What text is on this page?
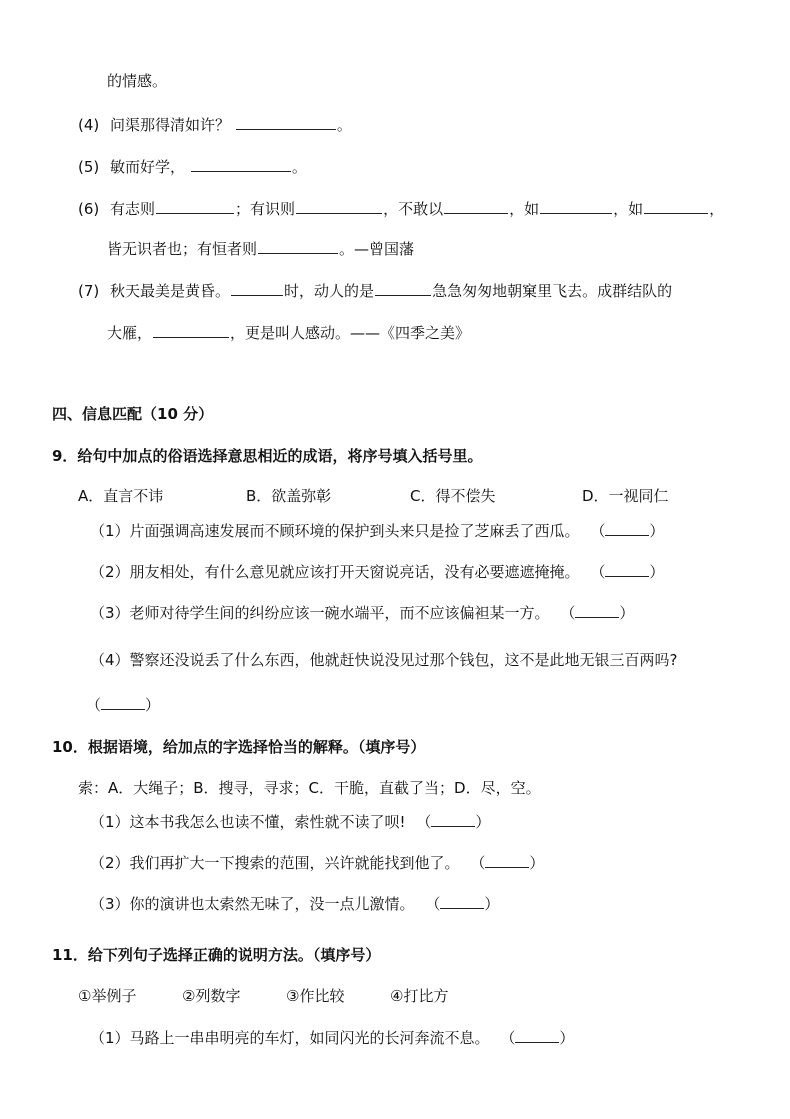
的情感。
(4) 问渠那得清如许？	。
(5) 敏而好学，	。
(6) 有志则	；有识则	，不敢以	，如	，如	，
皆无识者也；有恒者则	。—曾国藩
(7) 秋天最美是黄昏。	时，动人的是	急急匆匆地朝窠里飞去。成群结队的
大雁，	，更是叫人感动。——《四季之美》
四、信息匹配（10 分）
9．给句中加点的俗语选择意思相近的成语，将序号填入括号里。
A．直言不讳	B．欲盖弥彰	C．得不偿失	D．一视同仁
（1）片面强调高速发展而不顾环境的保护到头来只是捡了芝麻丢了西瓜。 （	）
（2）朋友相处，有什么意见就应该打开天窗说亮话，没有必要遮遮掩掩。 （	）
（3）老师对待学生间的纠纷应该一碗水端平，而不应该偏袒某一方。 （	）
（4）警察还没说丢了什么东西，他就赶快说没见过那个钱包，这不是此地无银三百两吗?
（	）
10．根据语境，给加点的字选择恰当的解释。（填序号）
索：A．大绳子；B．搜寻，寻求；C．干脆，直截了当；D．尽，空。
（1）这本书我怎么也读不懂，索性就不读了呗! （	）
（2）我们再扩大一下搜索的范围，兴许就能找到他了。 （	）
（3）你的演讲也太索然无味了，没一点儿激情。 （	）
11．给下列句子选择正确的说明方法。（填序号）
①举例子	②列数字	③作比较	④打比方
（1）马路上一串串明亮的车灯，如同闪光的长河奔流不息。 （	）
